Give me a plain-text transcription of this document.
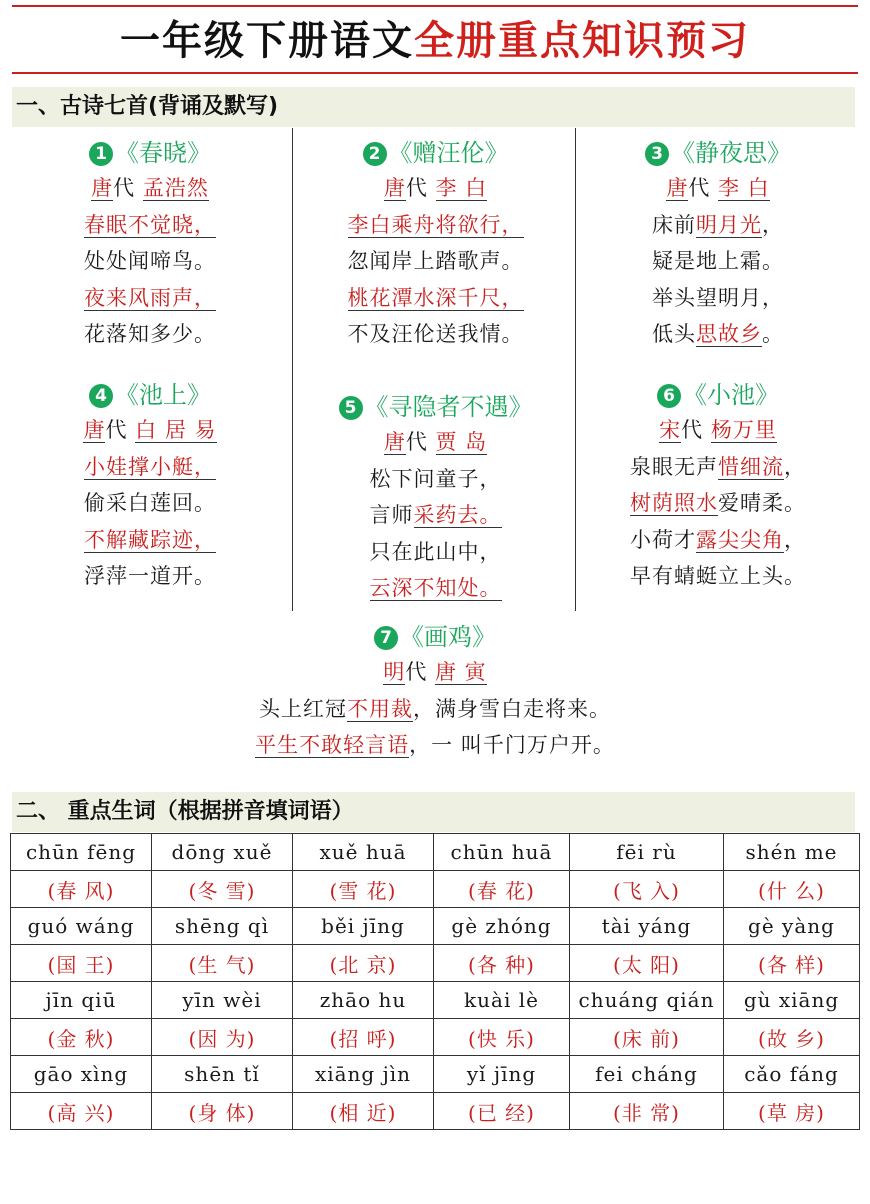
一年级下册语文全册重点知识预习
一、古诗七首(背诵及默写)
1 《春晓》
唐代 孟浩然
春眠不觉晓，
处处闻啼鸟。
夜来风雨声，
花落知多少。
2 《赠汪伦》
唐代 李 白
李白乘舟将欲行，
忽闻岸上踏歌声。
桃花潭水深千尺，
不及汪伦送我情。
3 《静夜思》
唐代 李 白
床前明月光，
疑是地上霜。
举头望明月，
低头思故乡。
4 《池上》
唐代 白 居 易
小娃撑小艇，
偷采白莲回。
不解藏踪迹，
浮萍一道开。
5 《寻隐者不遇》
唐代 贾 岛
松下问童子，
言师采药去。
只在此山中，
云深不知处。
6 《小池》
宋代 杨万里
泉眼无声惜细流，
树荫照水爱晴柔。
小荷才露尖尖角，
早有蜻蜓立上头。
7 《画鸡》
明代 唐 寅
头上红冠不用裁，满身雪白走将来。
平生不敢轻言语，一 叫千门万户开。
二、 重点生词（根据拼音填词语）
chūn fēng	dōng xuě	xuě huā	chūn huā	fēi rù	shén me
(春 风)	(冬 雪)	(雪 花)	(春 花)	(飞 入)	(什 么)
guó wáng	shēng qì	běi jīng	gè zhóng	tài yáng	gè yàng
(国 王)	(生 气)	(北 京)	(各 种)	(太 阳)	(各 样)
jīn qiū	yīn wèi	zhāo hu	kuài lè	chuáng qián	gù xiāng
(金 秋)	(因 为)	(招 呼)	(快 乐)	(床 前)	(故 乡)
gāo xìng	shēn tǐ	xiāng jìn	yǐ jīng	fei cháng	cǎo fáng
(高 兴)	(身 体)	(相 近)	(已 经)	(非 常)	(草 房)
